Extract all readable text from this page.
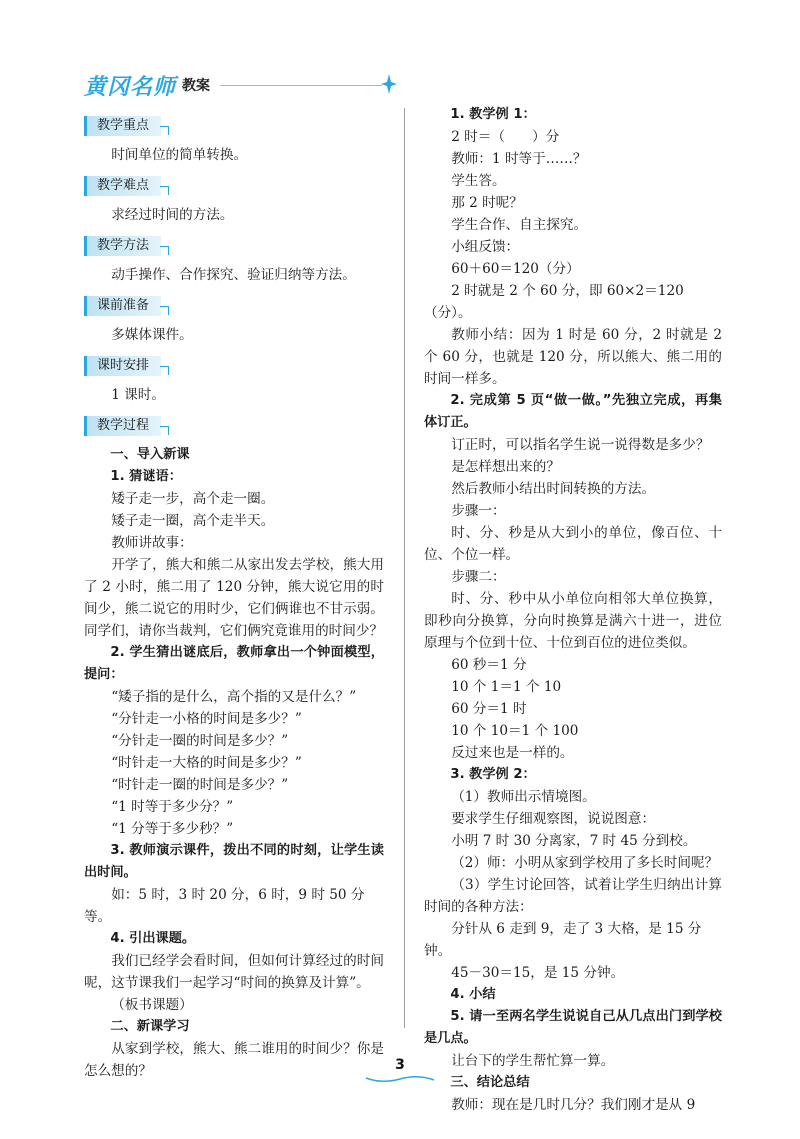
黄冈名师 教案
教学重点
时间单位的简单转换。
教学难点
求经过时间的方法。
教学方法
动手操作、合作探究、验证归纳等方法。
课前准备
多媒体课件。
课时安排
1 课时。
教学过程
一、导入新课
1. 猜谜语：
矮子走一步，高个走一圈。
矮子走一圈，高个走半天。
教师讲故事：
开学了，熊大和熊二从家出发去学校，熊大用了 2 小时，熊二用了 120 分钟，熊大说它用的时间少，熊二说它的用时少，它们俩谁也不甘示弱。同学们，请你当裁判，它们俩究竟谁用的时间少？
2. 学生猜出谜底后，教师拿出一个钟面模型，提问：
“矮子指的是什么，高个指的又是什么？”
“分针走一小格的时间是多少？”
“分针走一圈的时间是多少？”
“时针走一大格的时间是多少？”
“时针走一圈的时间是多少？”
“1 时等于多少分？”
“1 分等于多少秒？”
3. 教师演示课件，拨出不同的时刻，让学生读出时间。
如：5 时，3 时 20 分，6 时，9 时 50 分等。
4. 引出课题。
我们已经学会看时间，但如何计算经过的时间呢，这节课我们一起学习“时间的换算及计算”。
（板书课题）
二、新课学习
从家到学校，熊大、熊二谁用的时间少？你是怎么想的？
1. 教学例 1：
2 时＝（　　）分
教师：1 时等于……？
学生答。
那 2 时呢？
学生合作、自主探究。
小组反馈：
60＋60＝120（分）
2 时就是 2 个 60 分，即 60×2＝120（分）。
教师小结：因为 1 时是 60 分，2 时就是 2 个 60 分，也就是 120 分，所以熊大、熊二用的时间一样多。
2. 完成第 5 页“做一做。”先独立完成，再集体订正。
订正时，可以指名学生说一说得数是多少？
是怎样想出来的？
然后教师小结出时间转换的方法。
步骤一：
时、分、秒是从大到小的单位，像百位、十位、个位一样。
步骤二：
时、分、秒中从小单位向相邻大单位换算，即秒向分换算，分向时换算是满六十进一，进位原理与个位到十位、十位到百位的进位类似。
60 秒＝1 分
10 个 1＝1 个 10
60 分＝1 时
10 个 10＝1 个 100
反过来也是一样的。
3. 教学例 2：
（1）教师出示情境图。
要求学生仔细观察图，说说图意：
小明 7 时 30 分离家，7 时 45 分到校。
（2）师：小明从家到学校用了多长时间呢？
（3）学生讨论回答，试着让学生归纳出计算时间的各种方法：
分针从 6 走到 9，走了 3 大格，是 15 分钟。
45－30＝15，是 15 分钟。
4. 小结
5. 请一至两名学生说说自己从几点出门到学校是几点。
让台下的学生帮忙算一算。
三、结论总结
教师：现在是几时几分？我们刚才是从 9
3
